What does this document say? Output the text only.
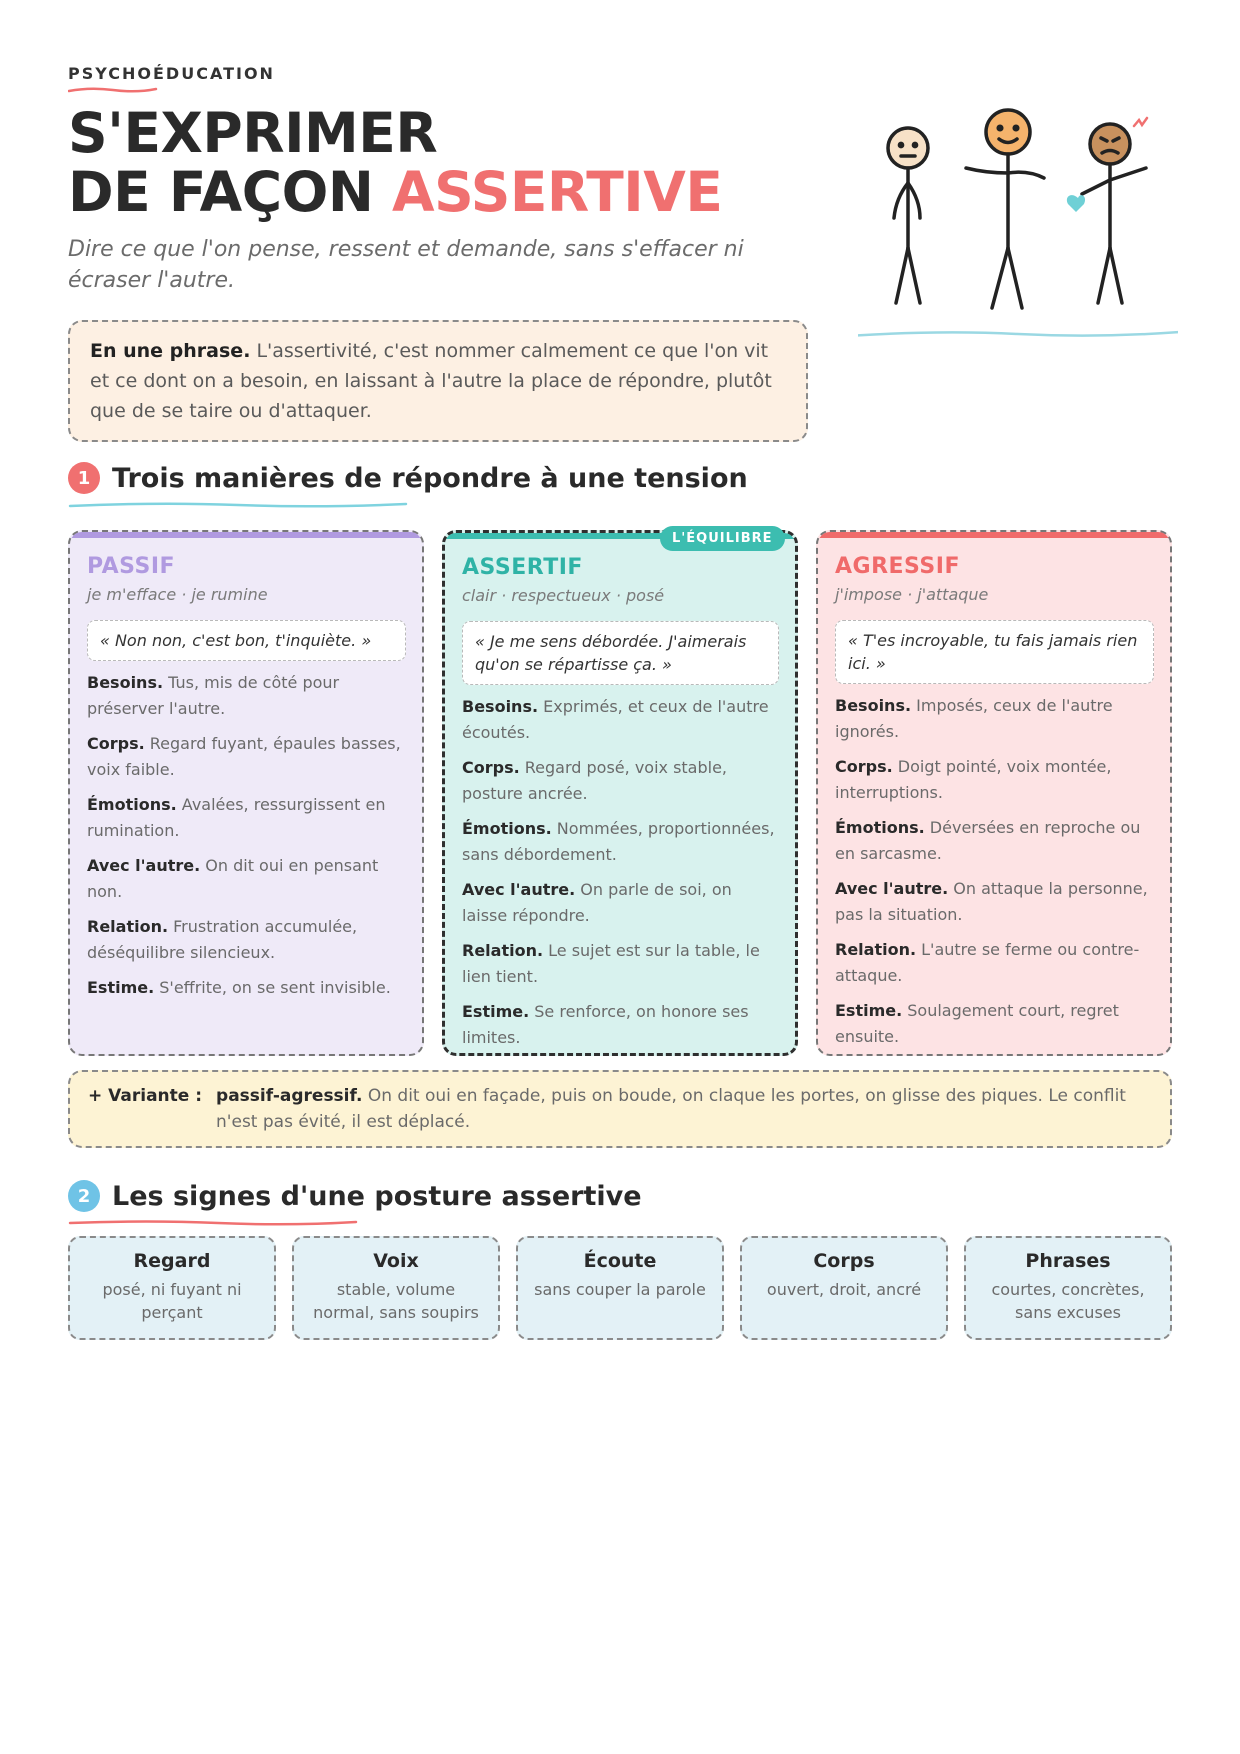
PSYCHOÉDUCATION
S'EXPRIMER
DE FAÇON ASSERTIVE
Dire ce que l'on pense, ressent et demande, sans s'effacer ni écraser l'autre.
En une phrase. L'assertivité, c'est nommer calmement ce que l'on vit et ce dont on a besoin, en laissant à l'autre la place de répondre, plutôt que de se taire ou d'attaquer.
1 Trois manières de répondre à une tension
L'ÉQUILIBRE
PASSIF
je m'efface · je rumine
« Non non, c'est bon, t'inquiète. »
Besoins. Tus, mis de côté pour préserver l'autre.
Corps. Regard fuyant, épaules basses, voix faible.
Émotions. Avalées, ressurgissent en rumination.
Avec l'autre. On dit oui en pensant non.
Relation. Frustration accumulée, déséquilibre silencieux.
Estime. S'effrite, on se sent invisible.
ASSERTIF
clair · respectueux · posé
« Je me sens débordée. J'aimerais qu'on se répartisse ça. »
Besoins. Exprimés, et ceux de l'autre écoutés.
Corps. Regard posé, voix stable, posture ancrée.
Émotions. Nommées, proportionnées, sans débordement.
Avec l'autre. On parle de soi, on laisse répondre.
Relation. Le sujet est sur la table, le lien tient.
Estime. Se renforce, on honore ses limites.
AGRESSIF
j'impose · j'attaque
« T'es incroyable, tu fais jamais rien ici. »
Besoins. Imposés, ceux de l'autre ignorés.
Corps. Doigt pointé, voix montée, interruptions.
Émotions. Déversées en reproche ou en sarcasme.
Avec l'autre. On attaque la personne, pas la situation.
Relation. L'autre se ferme ou contre-attaque.
Estime. Soulagement court, regret ensuite.
+ Variante : passif-agressif. On dit oui en façade, puis on boude, on claque les portes, on glisse des piques. Le conflit n'est pas évité, il est déplacé.
2 Les signes d'une posture assertive
Regard
posé, ni fuyant ni perçant
Voix
stable, volume normal, sans soupirs
Écoute
sans couper la parole
Corps
ouvert, droit, ancré
Phrases
courtes, concrètes, sans excuses
